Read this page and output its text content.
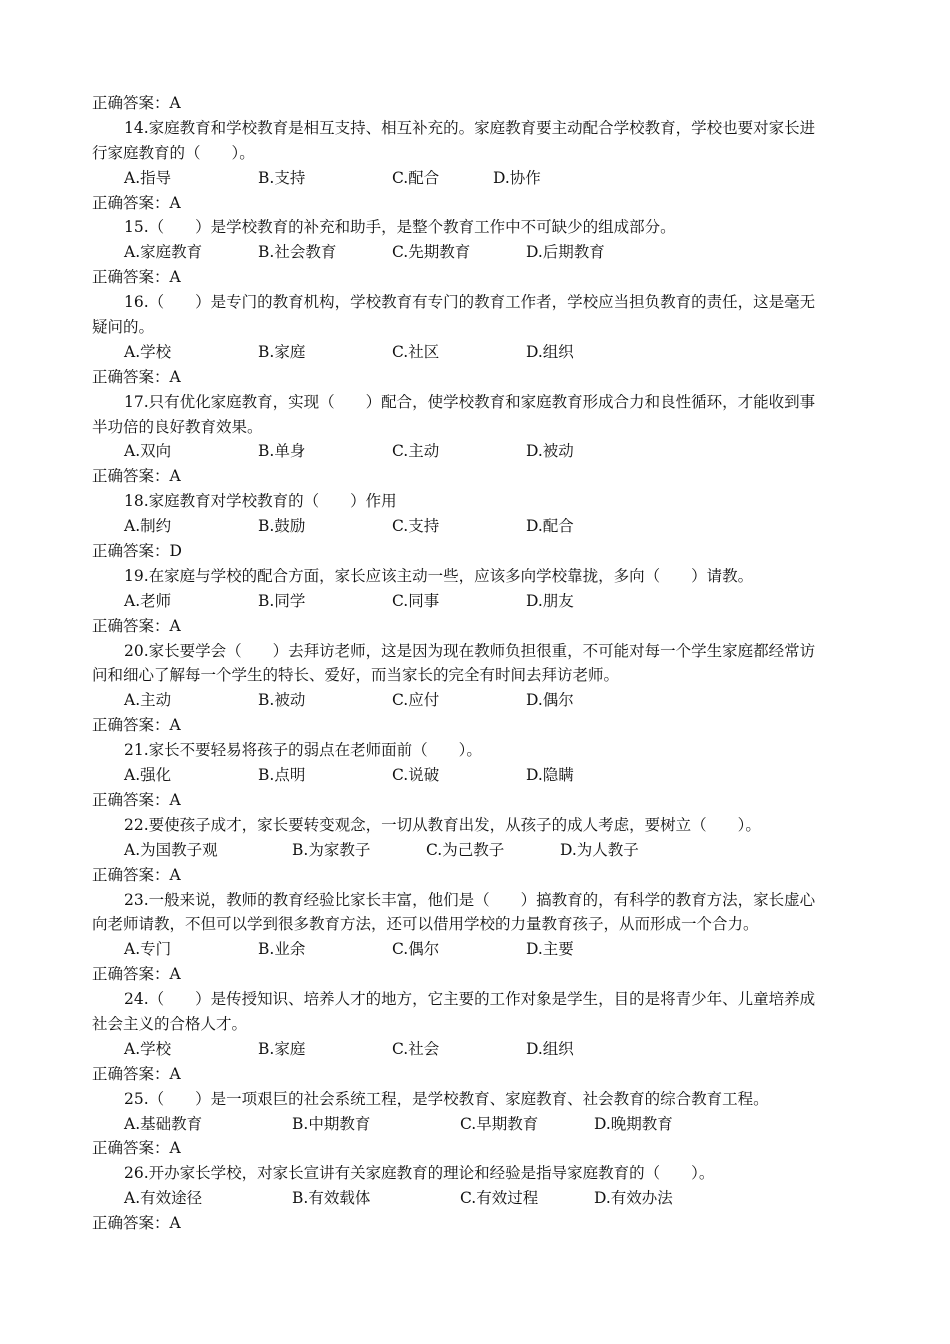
正确答案：A
14.家庭教育和学校教育是相互支持、相互补充的。家庭教育要主动配合学校教育，学校也要对家长进
行家庭教育的（　　）。
A.指导	B.支持	C.配合	D.协作
正确答案：A
15.（　　）是学校教育的补充和助手，是整个教育工作中不可缺少的组成部分。
A.家庭教育	B.社会教育	C.先期教育	D.后期教育
正确答案：A
16.（　　）是专门的教育机构，学校教育有专门的教育工作者，学校应当担负教育的责任，这是毫无
疑问的。
A.学校	B.家庭	C.社区	D.组织
正确答案：A
17.只有优化家庭教育，实现（　　）配合，使学校教育和家庭教育形成合力和良性循环，才能收到事
半功倍的良好教育效果。
A.双向	B.单身	C.主动	D.被动
正确答案：A
18.家庭教育对学校教育的（　　）作用
A.制约	B.鼓励	C.支持	D.配合
正确答案：D
19.在家庭与学校的配合方面，家长应该主动一些，应该多向学校靠拢，多向（　　）请教。
A.老师	B.同学	C.同事	D.朋友
正确答案：A
20.家长要学会（　　）去拜访老师，这是因为现在教师负担很重，不可能对每一个学生家庭都经常访
问和细心了解每一个学生的特长、爱好，而当家长的完全有时间去拜访老师。
A.主动	B.被动	C.应付	D.偶尔
正确答案：A
21.家长不要轻易将孩子的弱点在老师面前（　　）。
A.强化	B.点明	C.说破	D.隐瞒
正确答案：A
22.要使孩子成才，家长要转变观念，一切从教育出发，从孩子的成人考虑，要树立（　　）。
A.为国教子观	B.为家教子	C.为己教子	D.为人教子
正确答案：A
23.一般来说，教师的教育经验比家长丰富，他们是（　　）搞教育的，有科学的教育方法，家长虚心
向老师请教，不但可以学到很多教育方法，还可以借用学校的力量教育孩子，从而形成一个合力。
A.专门	B.业余	C.偶尔	D.主要
正确答案：A
24.（　　）是传授知识、培养人才的地方，它主要的工作对象是学生，目的是将青少年、儿童培养成
社会主义的合格人才。
A.学校	B.家庭	C.社会	D.组织
正确答案：A
25.（　　）是一项艰巨的社会系统工程，是学校教育、家庭教育、社会教育的综合教育工程。
A.基础教育	B.中期教育	C.早期教育	D.晚期教育
正确答案：A
26.开办家长学校，对家长宣讲有关家庭教育的理论和经验是指导家庭教育的（　　）。
A.有效途径	B.有效载体	C.有效过程	D.有效办法
正确答案：A
